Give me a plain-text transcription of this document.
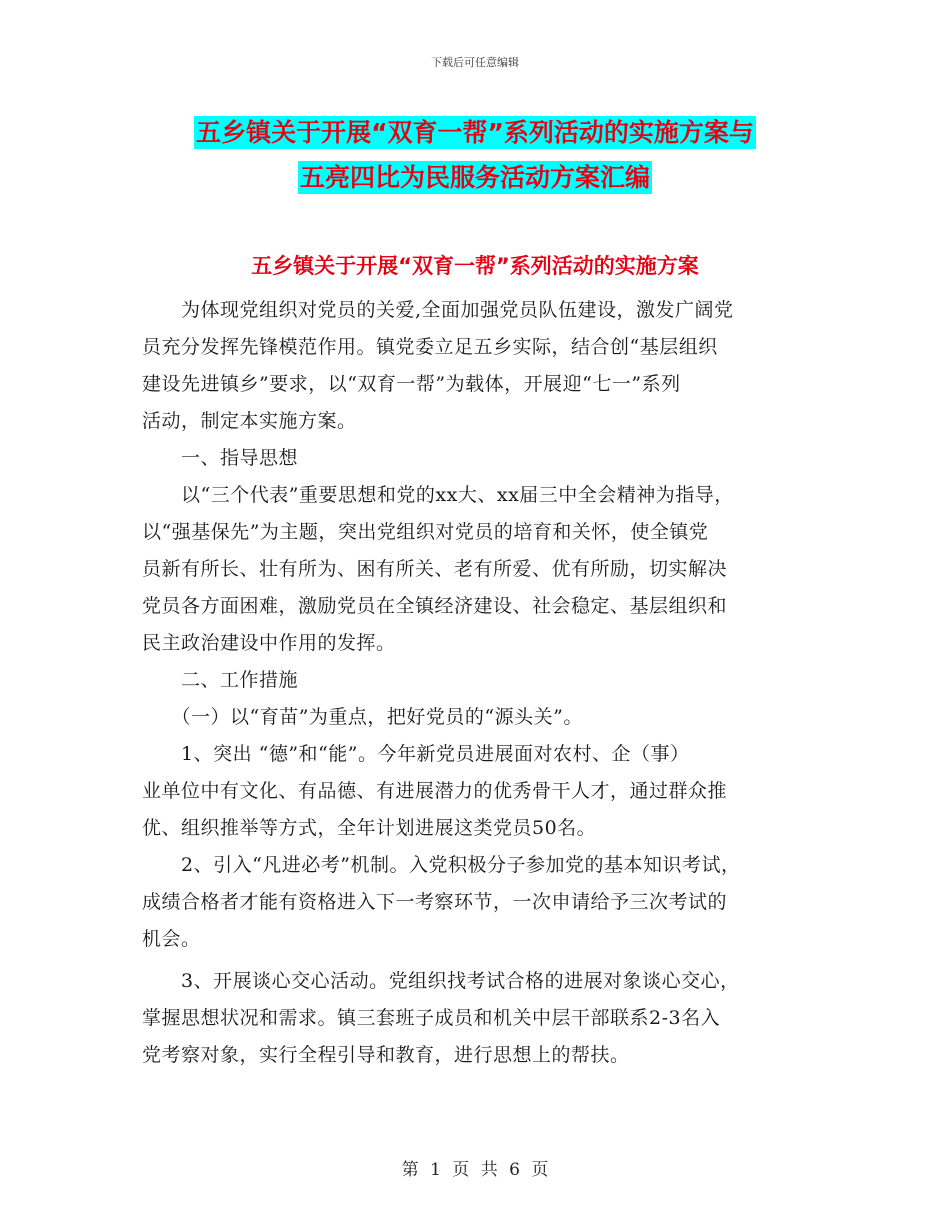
下载后可任意编辑
五乡镇关于开展“双育一帮”系列活动的实施方案与
五亮四比为民服务活动方案汇编
五乡镇关于开展“双育一帮”系列活动的实施方案
　　为体现党组织对党员的关爱,全面加强党员队伍建设，激发广阔党
员充分发挥先锋模范作用。镇党委立足五乡实际，结合创“基层组织
建设先进镇乡”要求，以“双育一帮”为载体，开展迎“七一”系列
活动，制定本实施方案。
　　一、指导思想
　　以“三个代表”重要思想和党的xx大、xx届三中全会精神为指导，
以“强基保先”为主题，突出党组织对党员的培育和关怀，使全镇党
员新有所长、壮有所为、困有所关、老有所爱、优有所励，切实解决
党员各方面困难，激励党员在全镇经济建设、社会稳定、基层组织和
民主政治建设中作用的发挥。
　　二、工作措施
　　（一）以“育苗”为重点，把好党员的“源头关”。
　　1、突出 “德”和“能”。今年新党员进展面对农村、企（事）
业单位中有文化、有品德、有进展潜力的优秀骨干人才，通过群众推
优、组织推举等方式，全年计划进展这类党员50名。
　　2、引入“凡进必考”机制。入党积极分子参加党的基本知识考试，
成绩合格者才能有资格进入下一考察环节，一次申请给予三次考试的
机会。
　　3、开展谈心交心活动。党组织找考试合格的进展对象谈心交心，
掌握思想状况和需求。镇三套班子成员和机关中层干部联系2-3名入
党考察对象，实行全程引导和教育，进行思想上的帮扶。
第 1 页 共 6 页
